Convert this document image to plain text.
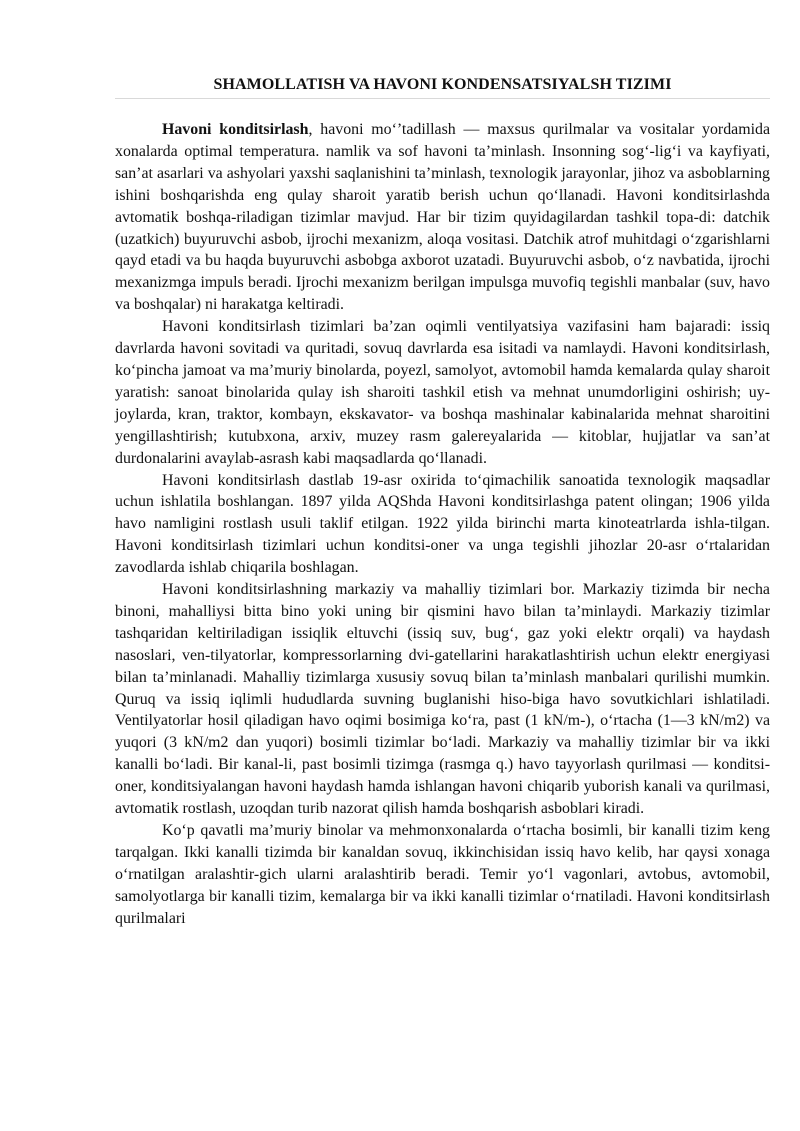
SHAMOLLATISH VA HAVONI KONDENSATSIYALSH TIZIMI

Havoni konditsirlash, havoni mo‘’tadillash — maxsus qurilmalar va vositalar yordamida xonalarda optimal temperatura. namlik va sof havoni ta’minlash. Insonning sog‘-lig‘i va kayfiyati, san’at asarlari va ashyolari yaxshi saqlanishini ta’minlash, texnologik jarayonlar, jihoz va asboblarning ishini boshqarishda eng qulay sharoit yaratib berish uchun qo‘llanadi. Havoni konditsirlashda avtomatik boshqa-riladigan tizimlar mavjud. Har bir tizim quyidagilardan tashkil topa-di: datchik (uzatkich) buyuruvchi asbob, ijrochi mexanizm, aloqa vositasi. Datchik atrof muhitdagi o‘zgarishlarni qayd etadi va bu haqda buyuruvchi asbobga axborot uzatadi. Buyuruvchi asbob, o‘z navbatida, ijrochi mexanizmga impuls beradi. Ijrochi mexanizm berilgan impulsga muvofiq tegishli manbalar (suv, havo va boshqalar) ni harakatga keltiradi.

Havoni konditsirlash tizimlari ba’zan oqimli ventilyatsiya vazifasini ham bajaradi: issiq davrlarda havoni sovitadi va quritadi, sovuq davrlarda esa isitadi va namlaydi. Havoni konditsirlash, ko‘pincha jamoat va ma’muriy binolarda, poyezl, samolyot, avtomobil hamda kemalarda qulay sharoit yaratish: sanoat binolarida qulay ish sharoiti tashkil etish va mehnat unumdorligini oshirish; uy-joylarda, kran, traktor, kombayn, ekskavator- va boshqa mashinalar kabinalarida mehnat sharoitini yengillashtirish; kutubxona, arxiv, muzey rasm galereyalarida — kitoblar, hujjatlar va san’at durdonalarini avaylab-asrash kabi maqsadlarda qo‘llanadi.

Havoni konditsirlash dastlab 19-asr oxirida to‘qimachilik sanoatida texnologik maqsadlar uchun ishlatila boshlangan. 1897 yilda AQShda Havoni konditsirlashga patent olingan; 1906 yilda havo namligini rostlash usuli taklif etilgan. 1922 yilda birinchi marta kinoteatrlarda ishla-tilgan. Havoni konditsirlash tizimlari uchun konditsi-oner va unga tegishli jihozlar 20-asr o‘rtalaridan zavodlarda ishlab chiqarila boshlagan.

Havoni konditsirlashning markaziy va mahalliy tizimlari bor. Markaziy tizimda bir necha binoni, mahalliysi bitta bino yoki uning bir qismini havo bilan ta’minlaydi. Markaziy tizimlar tashqaridan keltiriladigan issiqlik eltuvchi (issiq suv, bug‘, gaz yoki elektr orqali) va haydash nasoslari, ven-tilyatorlar, kompressorlarning dvi-gatellarini harakatlashtirish uchun elektr energiyasi bilan ta’minlanadi. Mahalliy tizimlarga xususiy sovuq bilan ta’minlash manbalari qurilishi mumkin. Quruq va issiq iqlimli hududlarda suvning buglanishi hiso-biga havo sovutkichlari ishlatiladi. Ventilyatorlar hosil qiladigan havo oqimi bosimiga ko‘ra, past (1 kN/m-), o‘rtacha (1—3 kN/m2) va yuqori (3 kN/m2 dan yuqori) bosimli tizimlar bo‘ladi. Markaziy va mahalliy tizimlar bir va ikki kanalli bo‘ladi. Bir kanal-li, past bosimli tizimga (rasmga q.) havo tayyorlash qurilmasi — konditsi-oner, konditsiyalangan havoni haydash hamda ishlangan havoni chiqarib yuborish kanali va qurilmasi, avtomatik rostlash, uzoqdan turib nazorat qilish hamda boshqarish asboblari kiradi.

Ko‘p qavatli ma’muriy binolar va mehmonxonalarda o‘rtacha bosimli, bir kanalli tizim keng tarqalgan. Ikki kanalli tizimda bir kanaldan sovuq, ikkinchisidan issiq havo kelib, har qaysi xonaga o‘rnatilgan aralashtir-gich ularni aralashtirib beradi. Temir yo‘l vagonlari, avtobus, avtomobil, samolyotlarga bir kanalli tizim, kemalarga bir va ikki kanalli tizimlar o‘rnatiladi. Havoni konditsirlash qurilmalari
